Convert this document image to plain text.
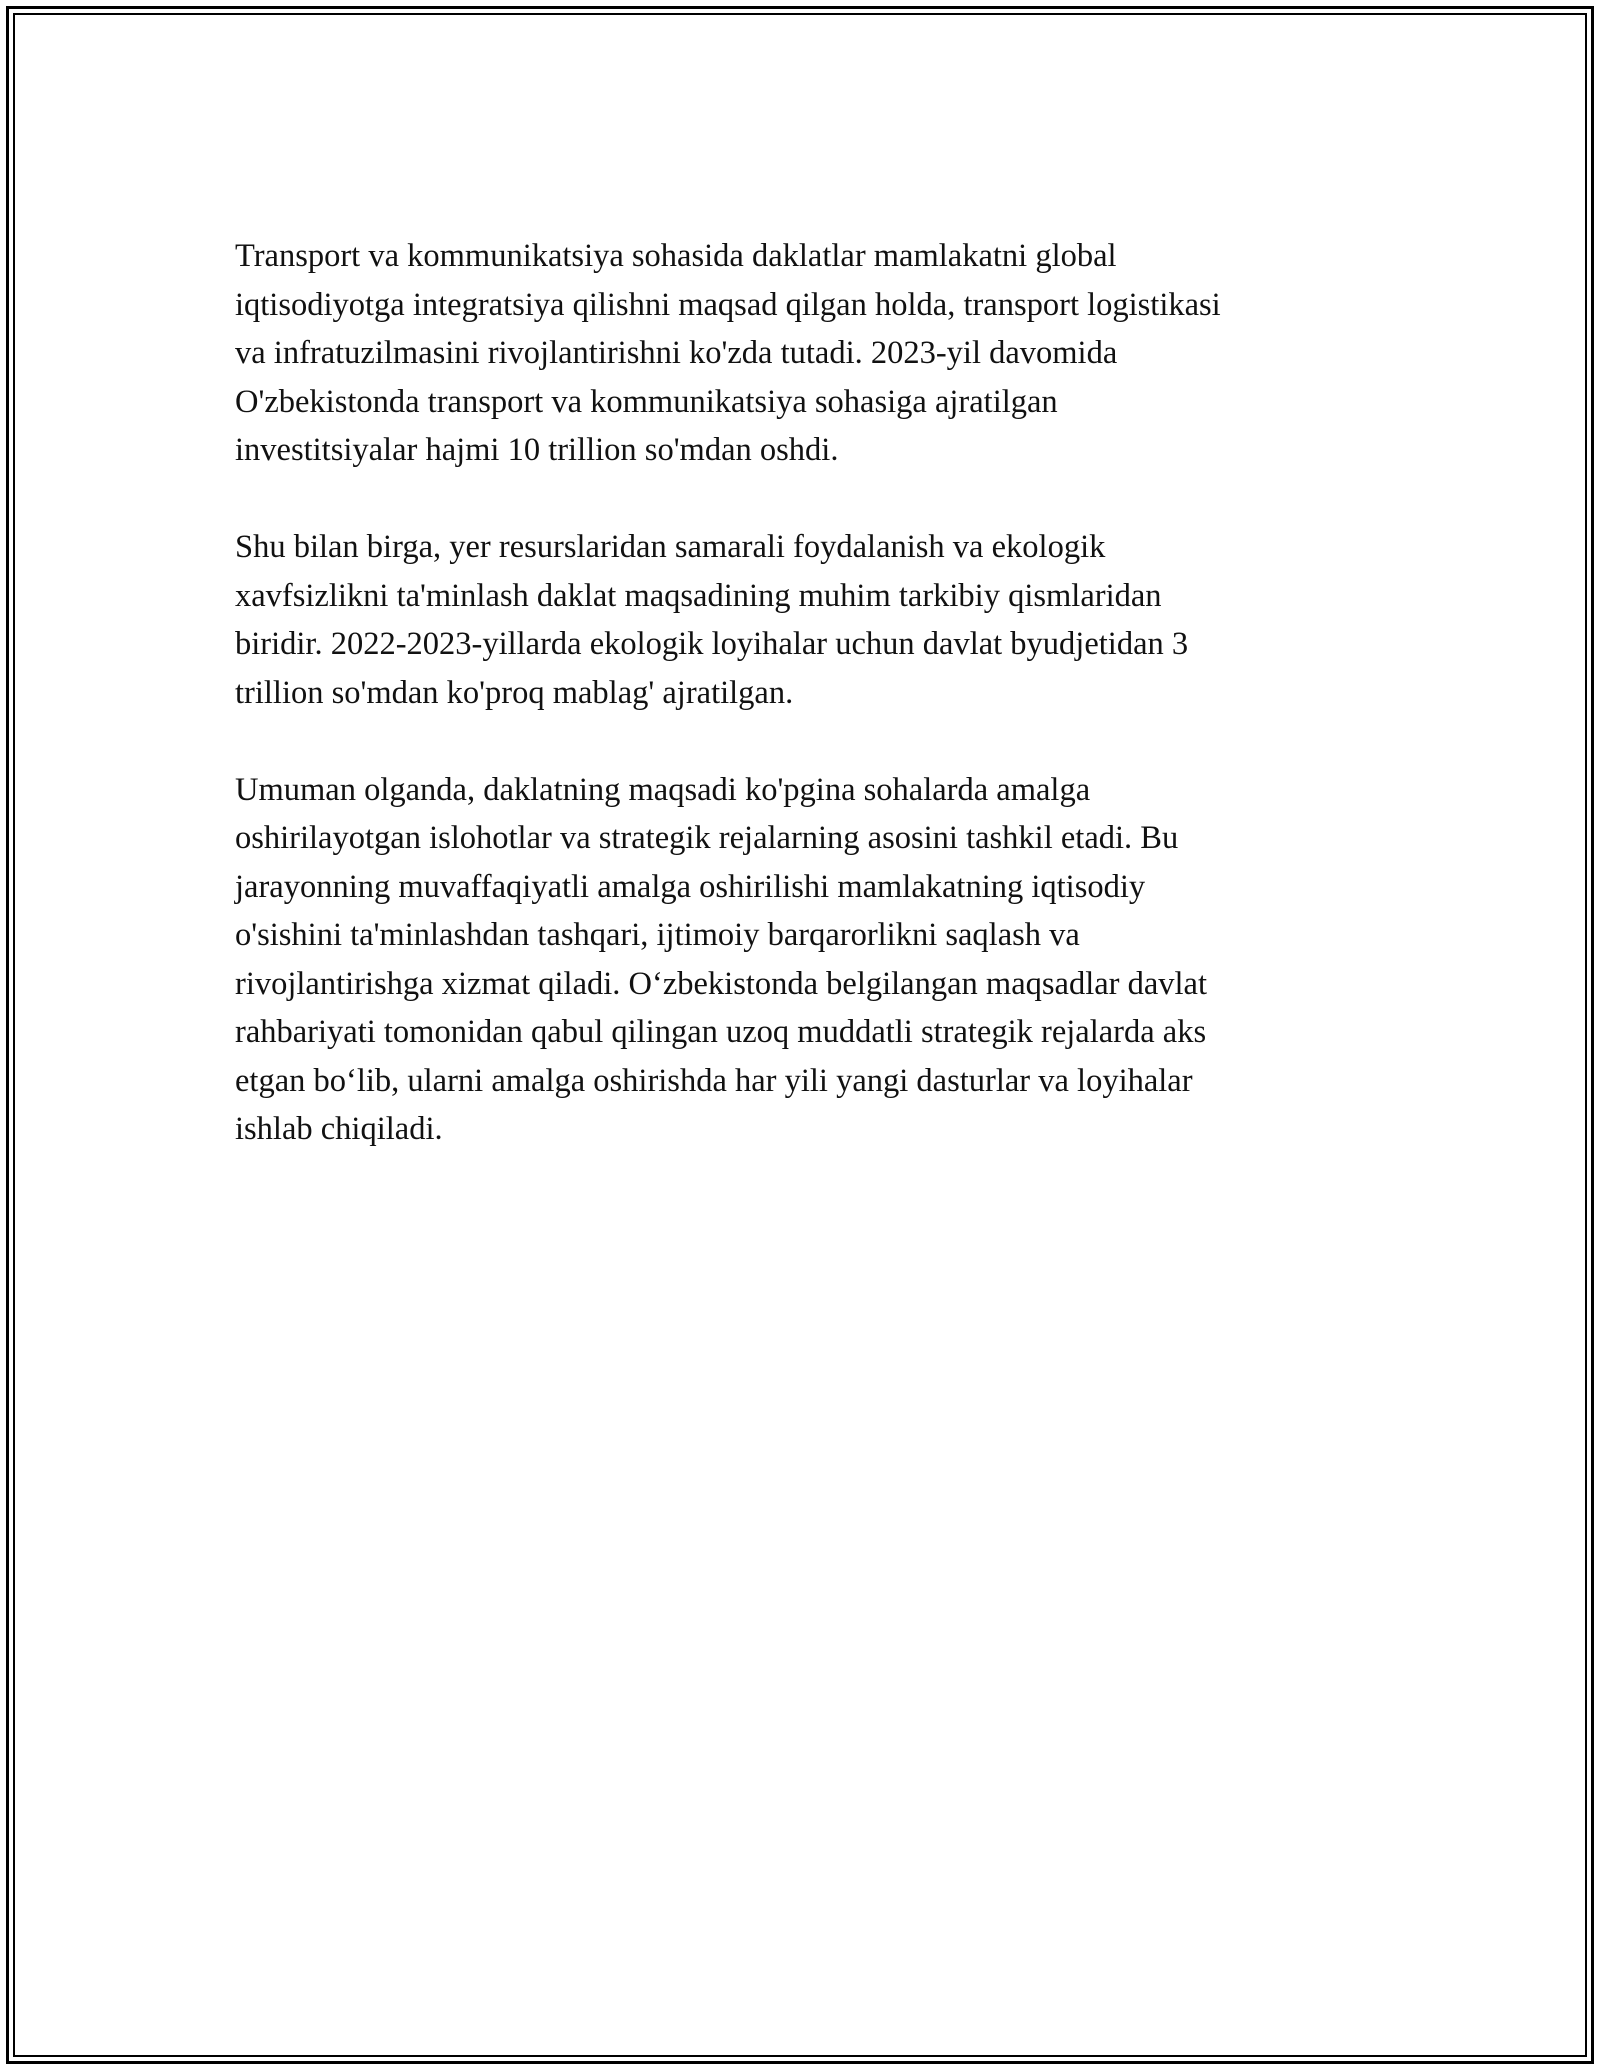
Transport va kommunikatsiya sohasida daklatlar mamlakatni global
iqtisodiyotga integratsiya qilishni maqsad qilgan holda, transport logistikasi
va infratuzilmasini rivojlantirishni ko'zda tutadi. 2023-yil davomida
O'zbekistonda transport va kommunikatsiya sohasiga ajratilgan
investitsiyalar hajmi 10 trillion so'mdan oshdi.

Shu bilan birga, yer resurslaridan samarali foydalanish va ekologik
xavfsizlikni ta'minlash daklat maqsadining muhim tarkibiy qismlaridan
biridir. 2022-2023-yillarda ekologik loyihalar uchun davlat byudjetidan 3
trillion so'mdan ko'proq mablag' ajratilgan.

Umuman olganda, daklatning maqsadi ko'pgina sohalarda amalga
oshirilayotgan islohotlar va strategik rejalarning asosini tashkil etadi. Bu
jarayonning muvaffaqiyatli amalga oshirilishi mamlakatning iqtisodiy
o'sishini ta'minlashdan tashqari, ijtimoiy barqarorlikni saqlash va
rivojlantirishga xizmat qiladi. O‘zbekistonda belgilangan maqsadlar davlat
rahbariyati tomonidan qabul qilingan uzoq muddatli strategik rejalarda aks
etgan bo‘lib, ularni amalga oshirishda har yili yangi dasturlar va loyihalar
ishlab chiqiladi.
